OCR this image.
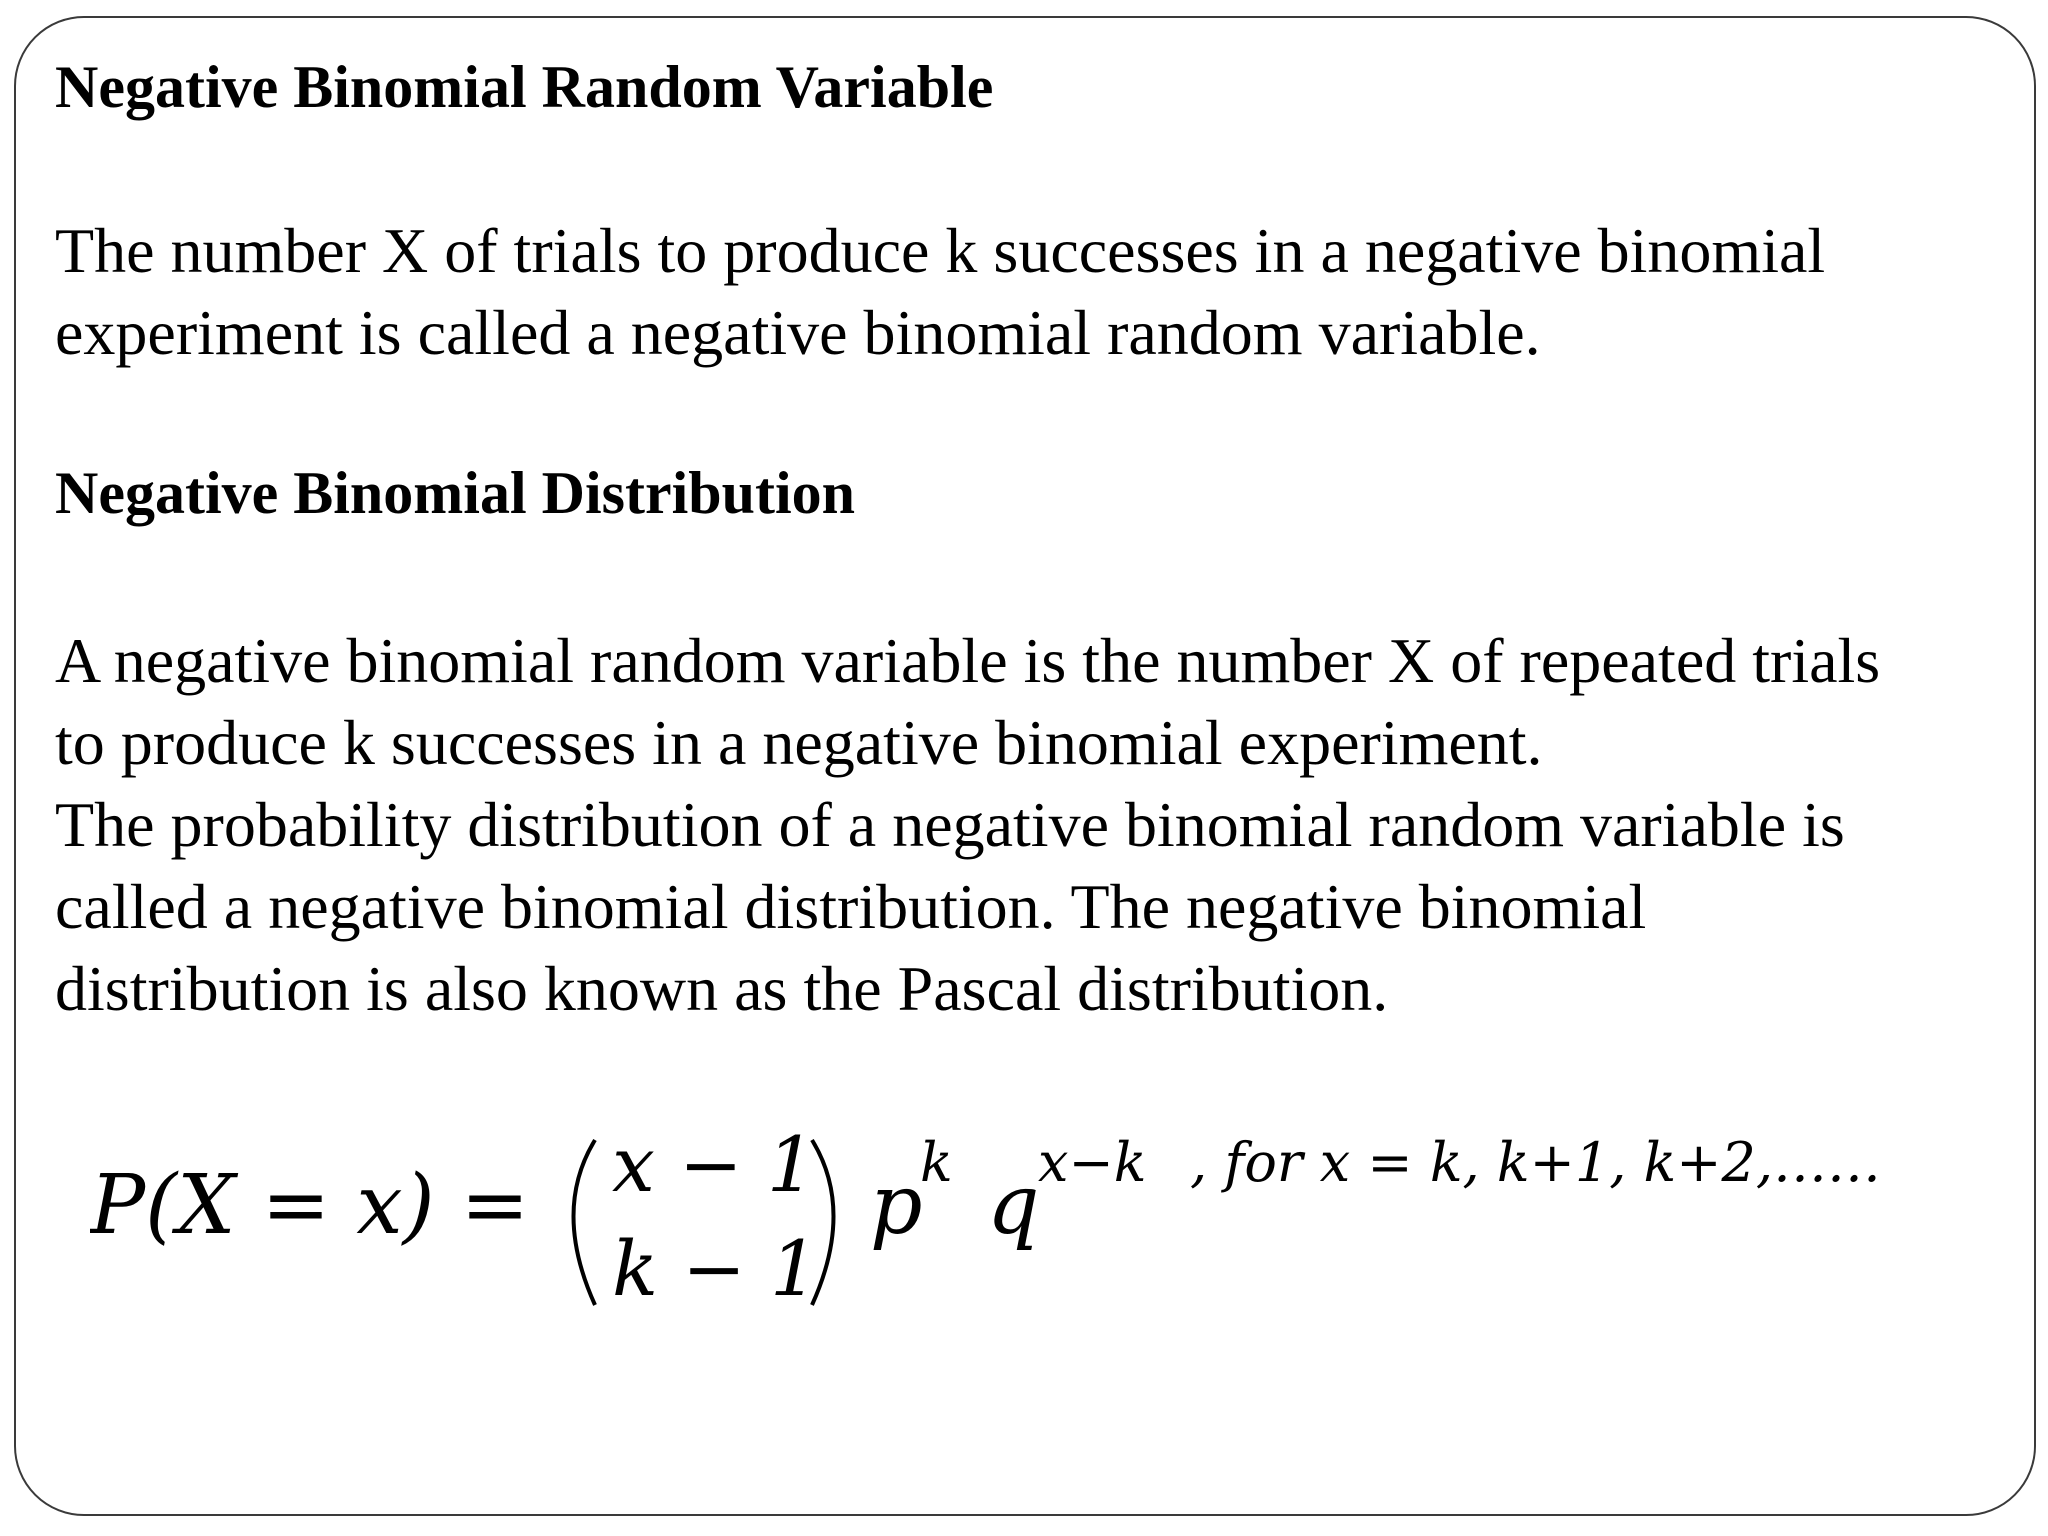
Negative Binomial Random Variable

The number X of trials to produce k successes in a negative binomial

experiment is called a negative binomial random variable.

Negative Binomial Distribution

A negative binomial random variable is the number X of repeated trials

to produce k successes in a negative binomial experiment.

The probability distribution of a negative binomial random variable is

called a negative binomial distribution. The negative binomial

distribution is also known as the Pascal distribution.

P(X = x) = x − 1
k − 1
p
k q
x−k , for x = k, k+1, k+2,……
